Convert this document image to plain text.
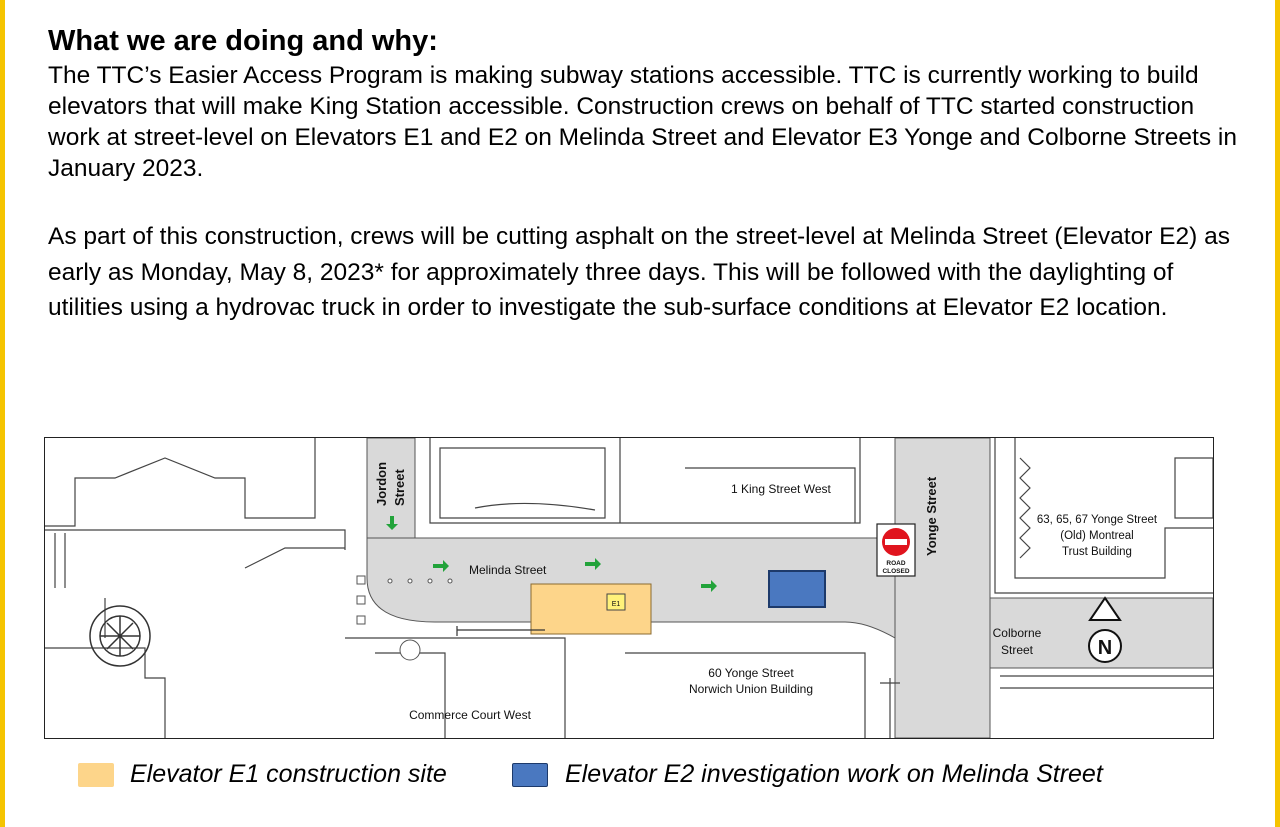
What we are doing and why:

The TTC’s Easier Access Program is making subway stations accessible. TTC is currently working to build elevators that will make King Station accessible. Construction crews on behalf of TTC started construction work at street-level on Elevators E1 and E2 on Melinda Street and Elevator E3 Yonge and Colborne Streets in January 2023.

As part of this construction, crews will be cutting asphalt on the street-level at Melinda Street (Elevator E2) as early as Monday, May 8, 2023* for approximately three days. This will be followed with the daylighting of utilities using a hydrovac truck in order to investigate the sub-surface conditions at Elevator E2 location.

E1
ROAD
CLOSED
N
Jordon Street
Melinda Street
Yonge Street
1 King Street West
63, 65, 67 Yonge Street
(Old) Montreal
Trust Building
Colborne
Street
60 Yonge Street
Norwich Union Building
Commerce Court West
Elevator E1 construction site	Elevator E2 investigation work on Melinda Street
